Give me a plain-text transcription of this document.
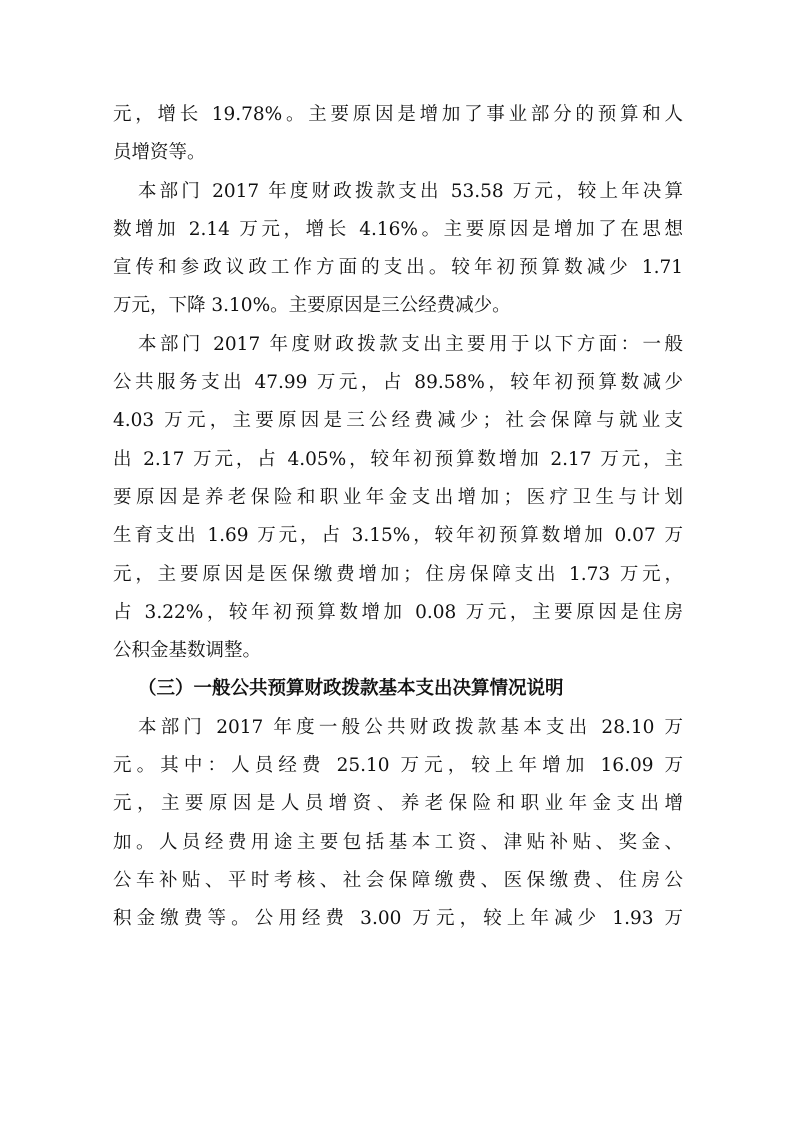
元，增长 19.78%。主要原因是增加了事业部分的预算和人
员增资等。
本部门 2017 年度财政拨款支出 53.58 万元，较上年决算
数增加 2.14 万元，增长 4.16%。主要原因是增加了在思想
宣传和参政议政工作方面的支出。较年初预算数减少 1.71
万元，下降 3.10%。主要原因是三公经费减少。
本部门 2017 年度财政拨款支出主要用于以下方面：一般
公共服务支出 47.99 万元，占 89.58%，较年初预算数减少
4.03 万元，主要原因是三公经费减少；社会保障与就业支
出 2.17 万元，占 4.05%，较年初预算数增加 2.17 万元，主
要原因是养老保险和职业年金支出增加；医疗卫生与计划
生育支出 1.69 万元，占 3.15%，较年初预算数增加 0.07 万
元，主要原因是医保缴费增加；住房保障支出 1.73 万元，
占 3.22%，较年初预算数增加 0.08 万元，主要原因是住房
公积金基数调整。
（三）一般公共预算财政拨款基本支出决算情况说明
本部门 2017 年度一般公共财政拨款基本支出 28.10 万
元。其中：人员经费 25.10 万元，较上年增加 16.09 万
元，主要原因是人员增资、养老保险和职业年金支出增
加。人员经费用途主要包括基本工资、津贴补贴、奖金、
公车补贴、平时考核、社会保障缴费、医保缴费、住房公
积金缴费等。公用经费 3.00 万元，较上年减少 1.93 万
